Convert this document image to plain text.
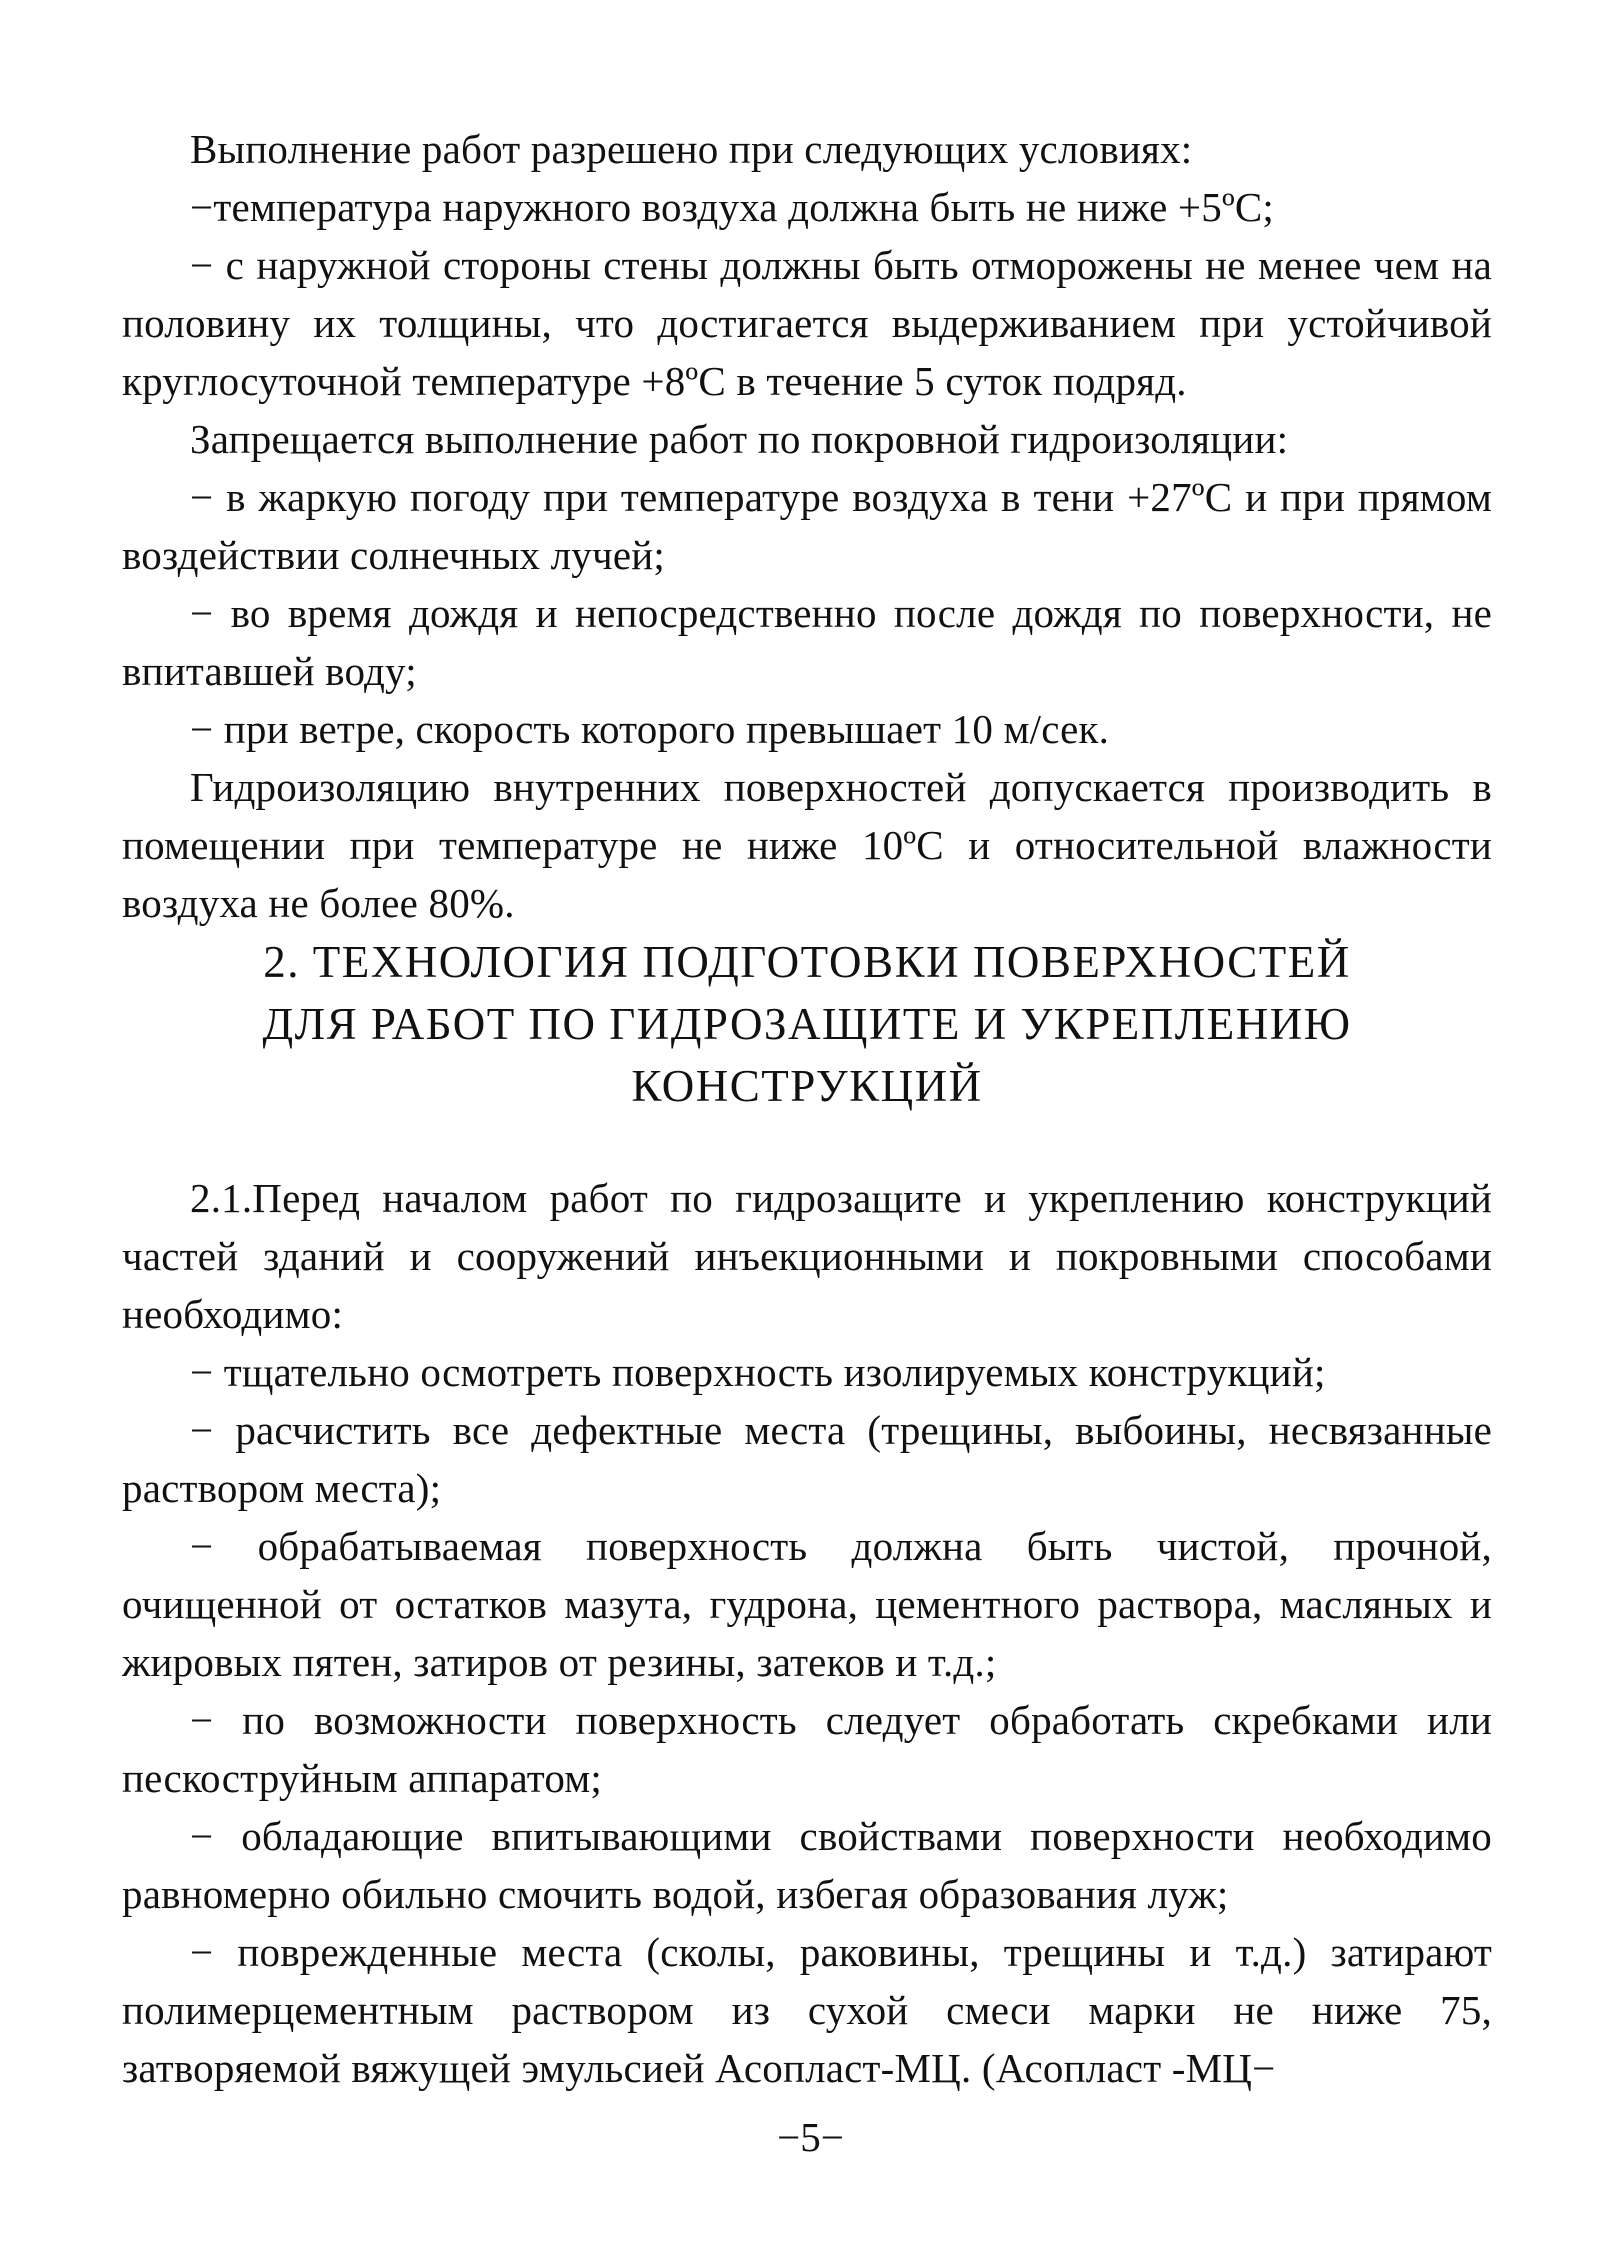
Выполнение работ разрешено при следующих условиях:

−температура наружного воздуха должна быть не ниже +5ºС;

− с наружной стороны стены должны быть отморожены не менее чем на половину их толщины, что достигается выдерживанием при устойчивой круглосуточной температуре +8ºС в течение 5 суток подряд.

Запрещается выполнение работ по покровной гидроизоляции:

− в жаркую погоду при температуре воздуха в тени +27ºС и при прямом воздействии солнечных лучей;

− во время дождя и непосредственно после дождя по поверхности, не впитавшей воду;

− при ветре, скорость которого превышает 10 м/сек.

Гидроизоляцию внутренних поверхностей допускается производить в помещении при температуре не ниже 10ºС и относительной влажности воздуха не более 80%.

2. ТЕХНОЛОГИЯ ПОДГОТОВКИ ПОВЕРХНОСТЕЙ
ДЛЯ РАБОТ ПО ГИДРОЗАЩИТЕ И УКРЕПЛЕНИЮ
КОНСТРУКЦИЙ

2.1.Перед началом работ по гидрозащите и укреплению конструкций частей зданий и сооружений инъекционными и покровными способами необходимо:

− тщательно осмотреть поверхность изолируемых конструкций;

− расчистить все дефектные места (трещины, выбоины, несвязанные раствором места);

− обрабатываемая поверхность должна быть чистой, прочной, очищенной от остатков мазута, гудрона, цементного раствора, масляных и жировых пятен, затиров от резины, затеков и т.д.;

− по возможности поверхность следует обработать скребками или пескоструйным аппаратом;

− обладающие впитывающими свойствами поверхности необходимо равномерно обильно смочить водой, избегая образования луж;

− поврежденные места (сколы, раковины, трещины и т.д.) затирают полимерцементным раствором из сухой смеси марки не ниже 75, затворяемой вяжущей эмульсией Асопласт-МЦ. (Асопласт -МЦ−

−5−
